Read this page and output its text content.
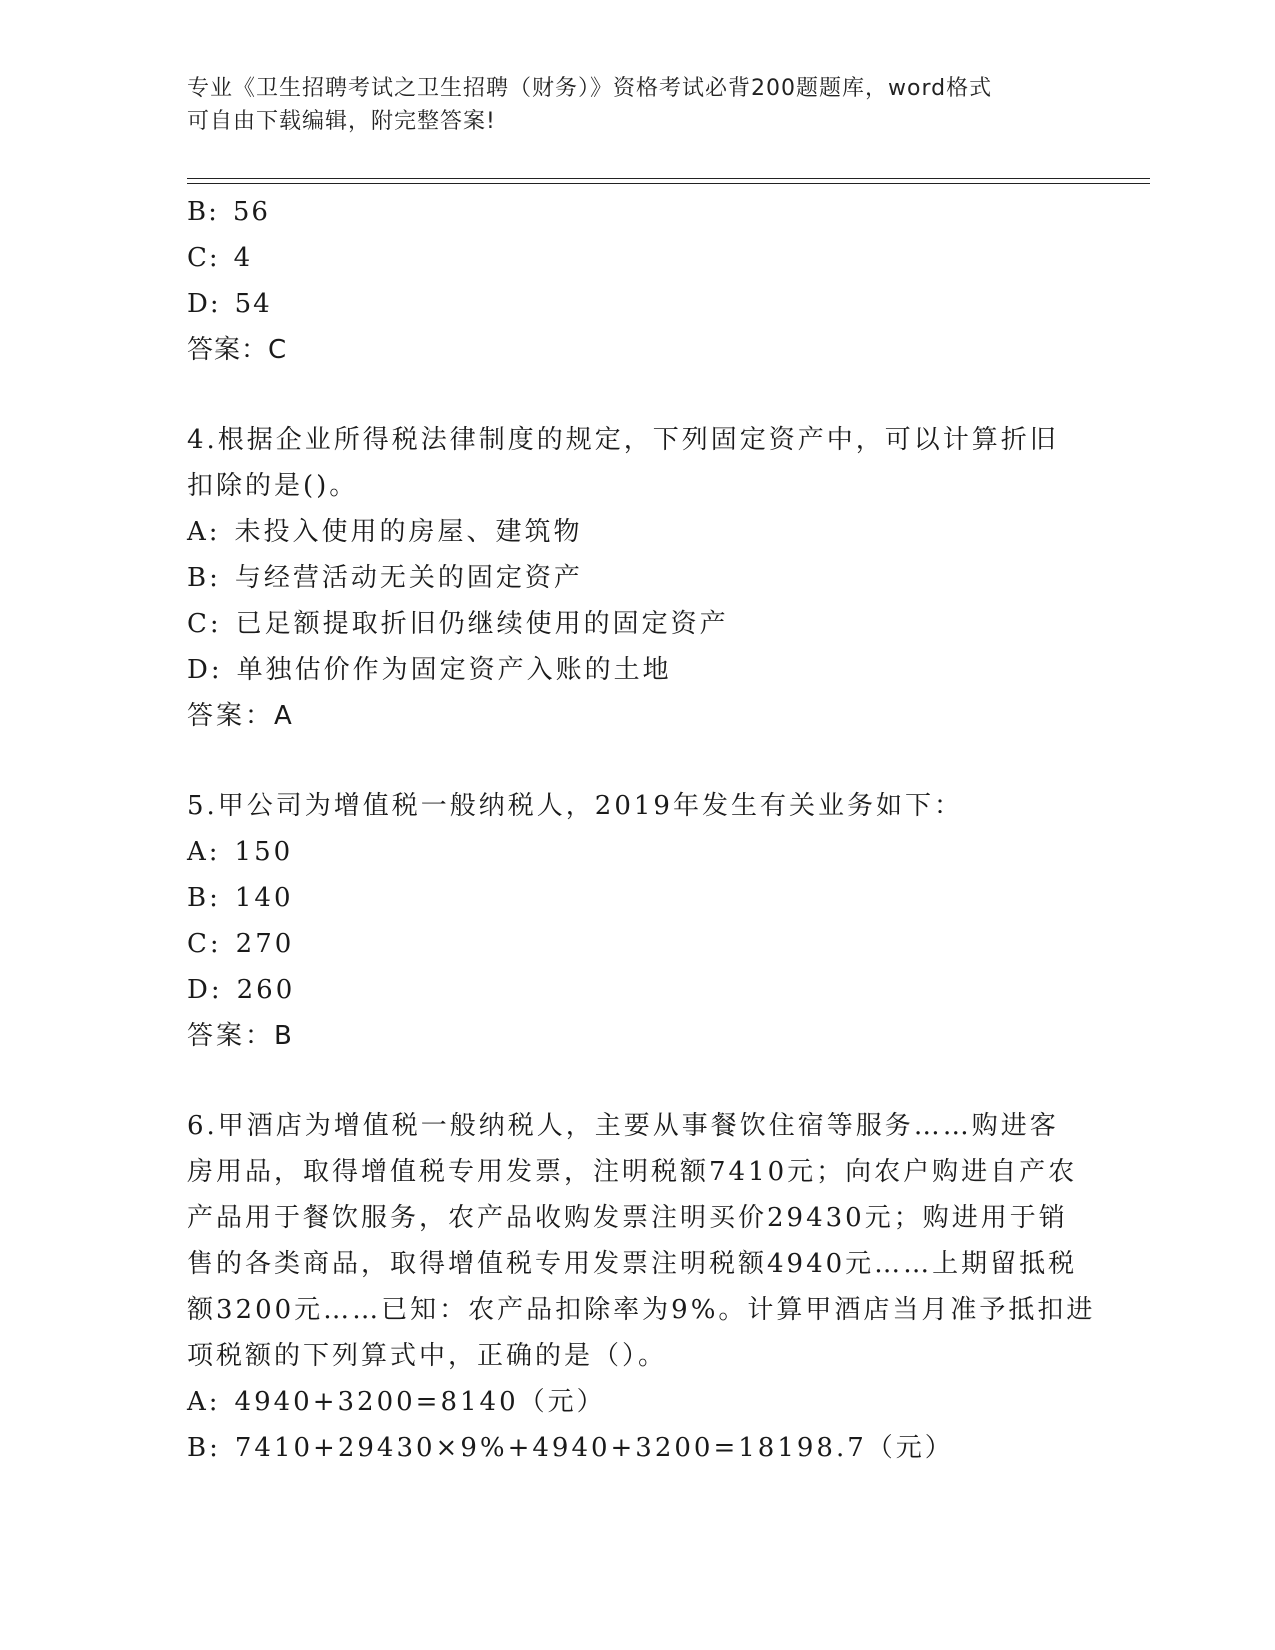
专业《卫生招聘考试之卫生招聘（财务）》资格考试必背200题题库，word格式
可自由下载编辑，附完整答案!
B: 56
C: 4
D: 54
答案：C
4.根据企业所得税法律制度的规定，下列固定资产中，可以计算折旧
扣除的是()。
A: 未投入使用的房屋、建筑物
B: 与经营活动无关的固定资产
C: 已足额提取折旧仍继续使用的固定资产
D: 单独估价作为固定资产入账的土地
答案：A
5.甲公司为增值税一般纳税人，2019年发生有关业务如下：
A: 150
B: 140
C: 270
D: 260
答案：B
6.甲酒店为增值税一般纳税人，主要从事餐饮住宿等服务……购进客
房用品，取得增值税专用发票，注明税额7410元；向农户购进自产农
产品用于餐饮服务，农产品收购发票注明买价29430元；购进用于销
售的各类商品，取得增值税专用发票注明税额4940元……上期留抵税
额3200元……已知：农产品扣除率为9%。计算甲酒店当月准予抵扣进
项税额的下列算式中，正确的是（）。
A: 4940+3200=8140（元）
B: 7410+29430×9%+4940+3200=18198.7（元）
